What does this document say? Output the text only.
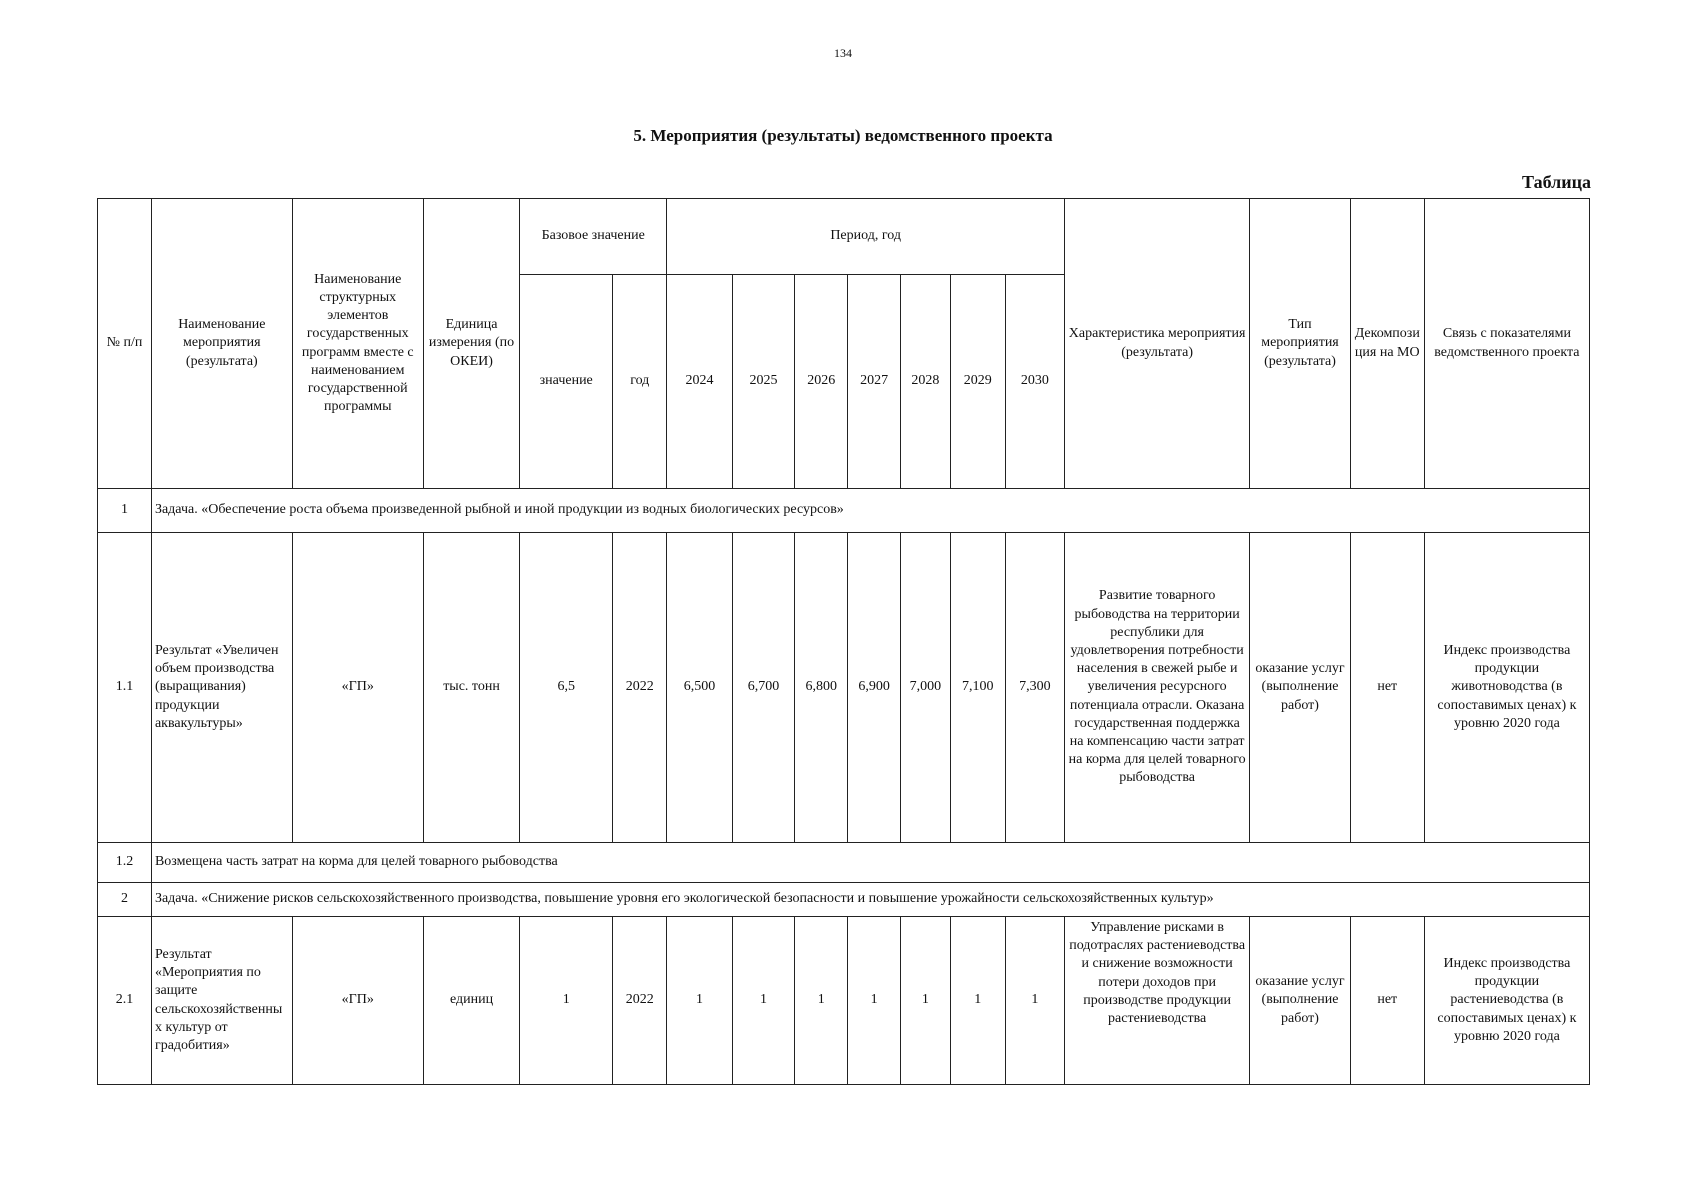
134
5. Мероприятия (результаты) ведомственного проекта
Таблица
№ п/п	Наименование мероприятия (результата)	Наименование структурных элементов государственных программ вместе с наименованием государственной программы	Единица измерения (по ОКЕИ)	Базовое значение		Период, год							Характеристика мероприятия (результата)	Тип мероприятия (результата)	Декомпозиция на МО	Связь с показателями ведомственного проекта
				значение	год	2024	2025	2026	2027	2028	2029	2030				
1	Задача. «Обеспечение роста объема произведенной рыбной и иной продукции из водных биологических ресурсов»															
1.1	Результат «Увеличен объем производства (выращивания) продукции аквакультуры»	«ГП»	тыс. тонн	6,5	2022	6,500	6,700	6,800	6,900	7,000	7,100	7,300	Развитие товарного рыбоводства на территории республики для удовлетворения потребности населения в свежей рыбе и увеличения ресурсного потенциала отрасли. Оказана государственная поддержка на компенсацию части затрат на корма для целей товарного рыбоводства	оказание услуг (выполнение работ)	нет	Индекс производства продукции животноводства (в сопоставимых ценах) к уровню 2020 года
1.2	Возмещена часть затрат на корма для целей товарного рыбоводства															
2	Задача. «Снижение рисков сельскохозяйственного производства, повышение уровня его экологической безопасности и повышение урожайности сельскохозяйственных культур»															
2.1	Результат «Мероприятия по защите сельскохозяйственных культур от градобития»	«ГП»	единиц	1	2022	1	1	1	1	1	1	1	Управление рисками в подотраслях растениеводства и снижение возможности потери доходов при производстве продукции растениеводства	оказание услуг (выполнение работ)	нет	Индекс производства продукции растениеводства (в сопоставимых ценах) к уровню 2020 года
